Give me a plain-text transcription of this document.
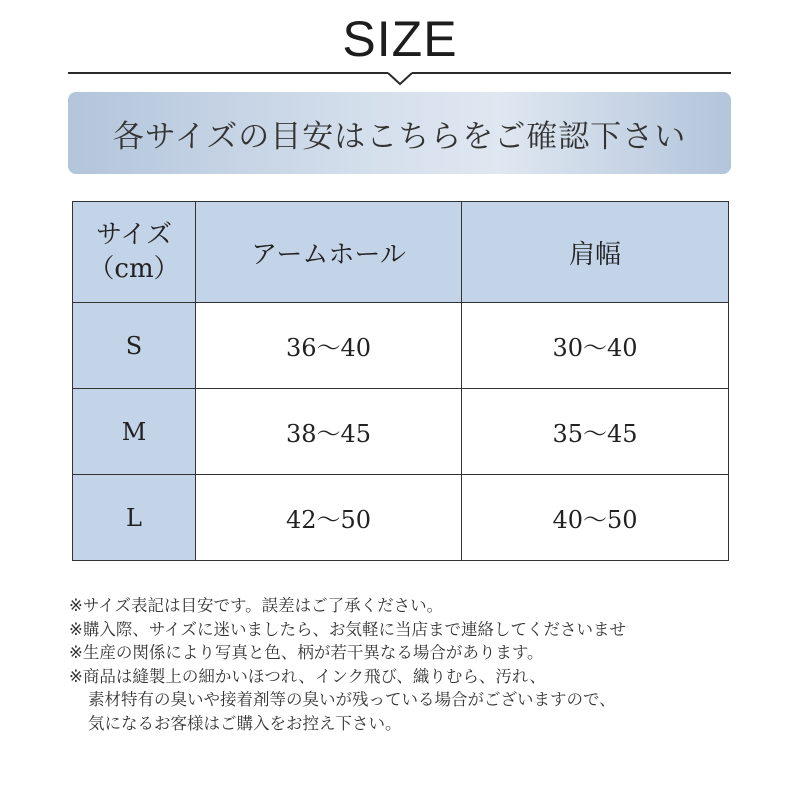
SIZE
各サイズの目安はこちらをご確認下さい
サイズ
（cm）	アームホール	肩幅
S	36〜40	30〜40
M	38〜45	35〜45
L	42〜50	40〜50
※サイズ表記は目安です。誤差はご了承ください。
※購入際、サイズに迷いましたら、お気軽に当店まで連絡してくださいませ
※生産の関係により写真と色、柄が若干異なる場合があります。
※商品は縫製上の細かいほつれ、インク飛び、織りむら、汚れ、
素材特有の臭いや接着剤等の臭いが残っている場合がございますので、
気になるお客様はご購入をお控え下さい。
